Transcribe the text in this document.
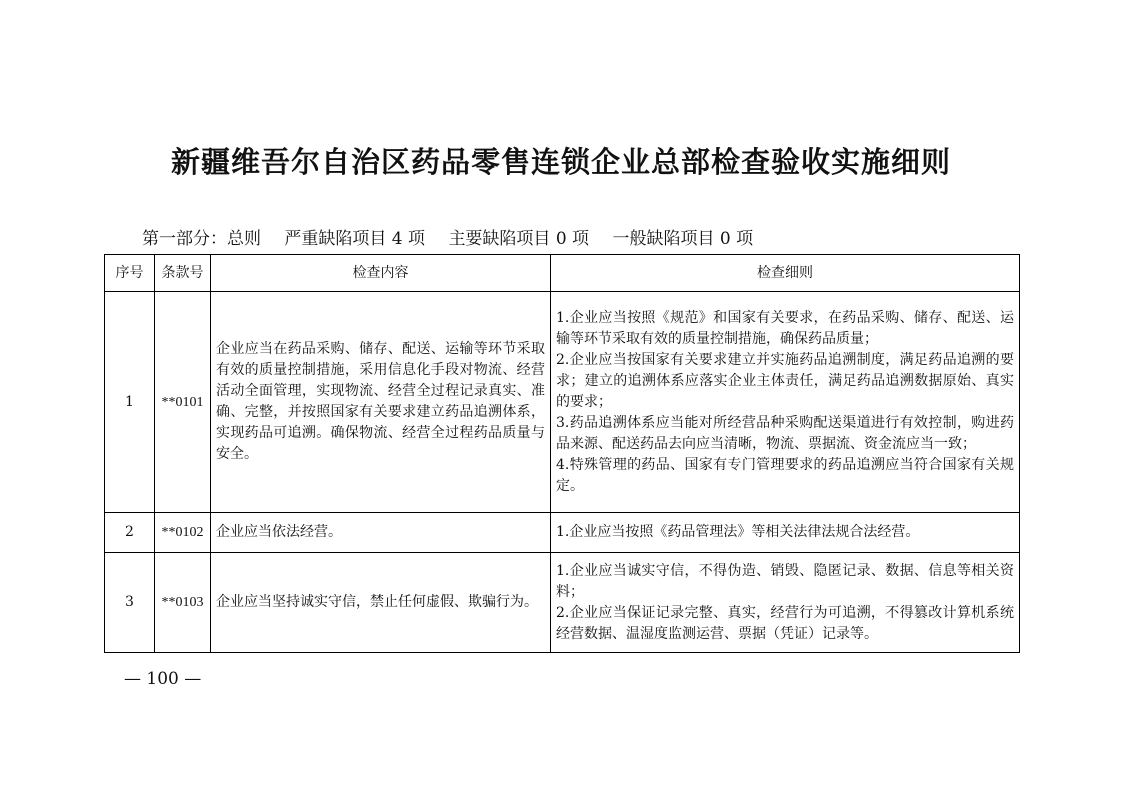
新疆维吾尔自治区药品零售连锁企业总部检查验收实施细则
第一部分：总则 严重缺陷项目 4 项 主要缺陷项目 0 项 一般缺陷项目 0 项
序号	条款号	检查内容	检查细则
1	**0101	企业应当在药品采购、储存、配送、运输等环节采取有效的质量控制措施，采用信息化手段对物流、经营活动全面管理，实现物流、经营全过程记录真实、准确、完整，并按照国家有关要求建立药品追溯体系，实现药品可追溯。确保物流、经营全过程药品质量与安全。	1.企业应当按照《规范》和国家有关要求，在药品采购、储存、配送、运输等环节采取有效的质量控制措施，确保药品质量；
2.企业应当按国家有关要求建立并实施药品追溯制度，满足药品追溯的要求；建立的追溯体系应落实企业主体责任，满足药品追溯数据原始、真实的要求；
3.药品追溯体系应当能对所经营品种采购配送渠道进行有效控制，购进药品来源、配送药品去向应当清晰，物流、票据流、资金流应当一致；
4.特殊管理的药品、国家有专门管理要求的药品追溯应当符合国家有关规定。

2	**0102	企业应当依法经营。	1.企业应当按照《药品管理法》等相关法律法规合法经营。

3	**0103	企业应当坚持诚实守信，禁止任何虚假、欺骗行为。	1.企业应当诚实守信，不得伪造、销毁、隐匿记录、数据、信息等相关资料；
2.企业应当保证记录完整、真实，经营行为可追溯，不得篡改计算机系统经营数据、温湿度监测运营、票据（凭证）记录等。
— 100 —
